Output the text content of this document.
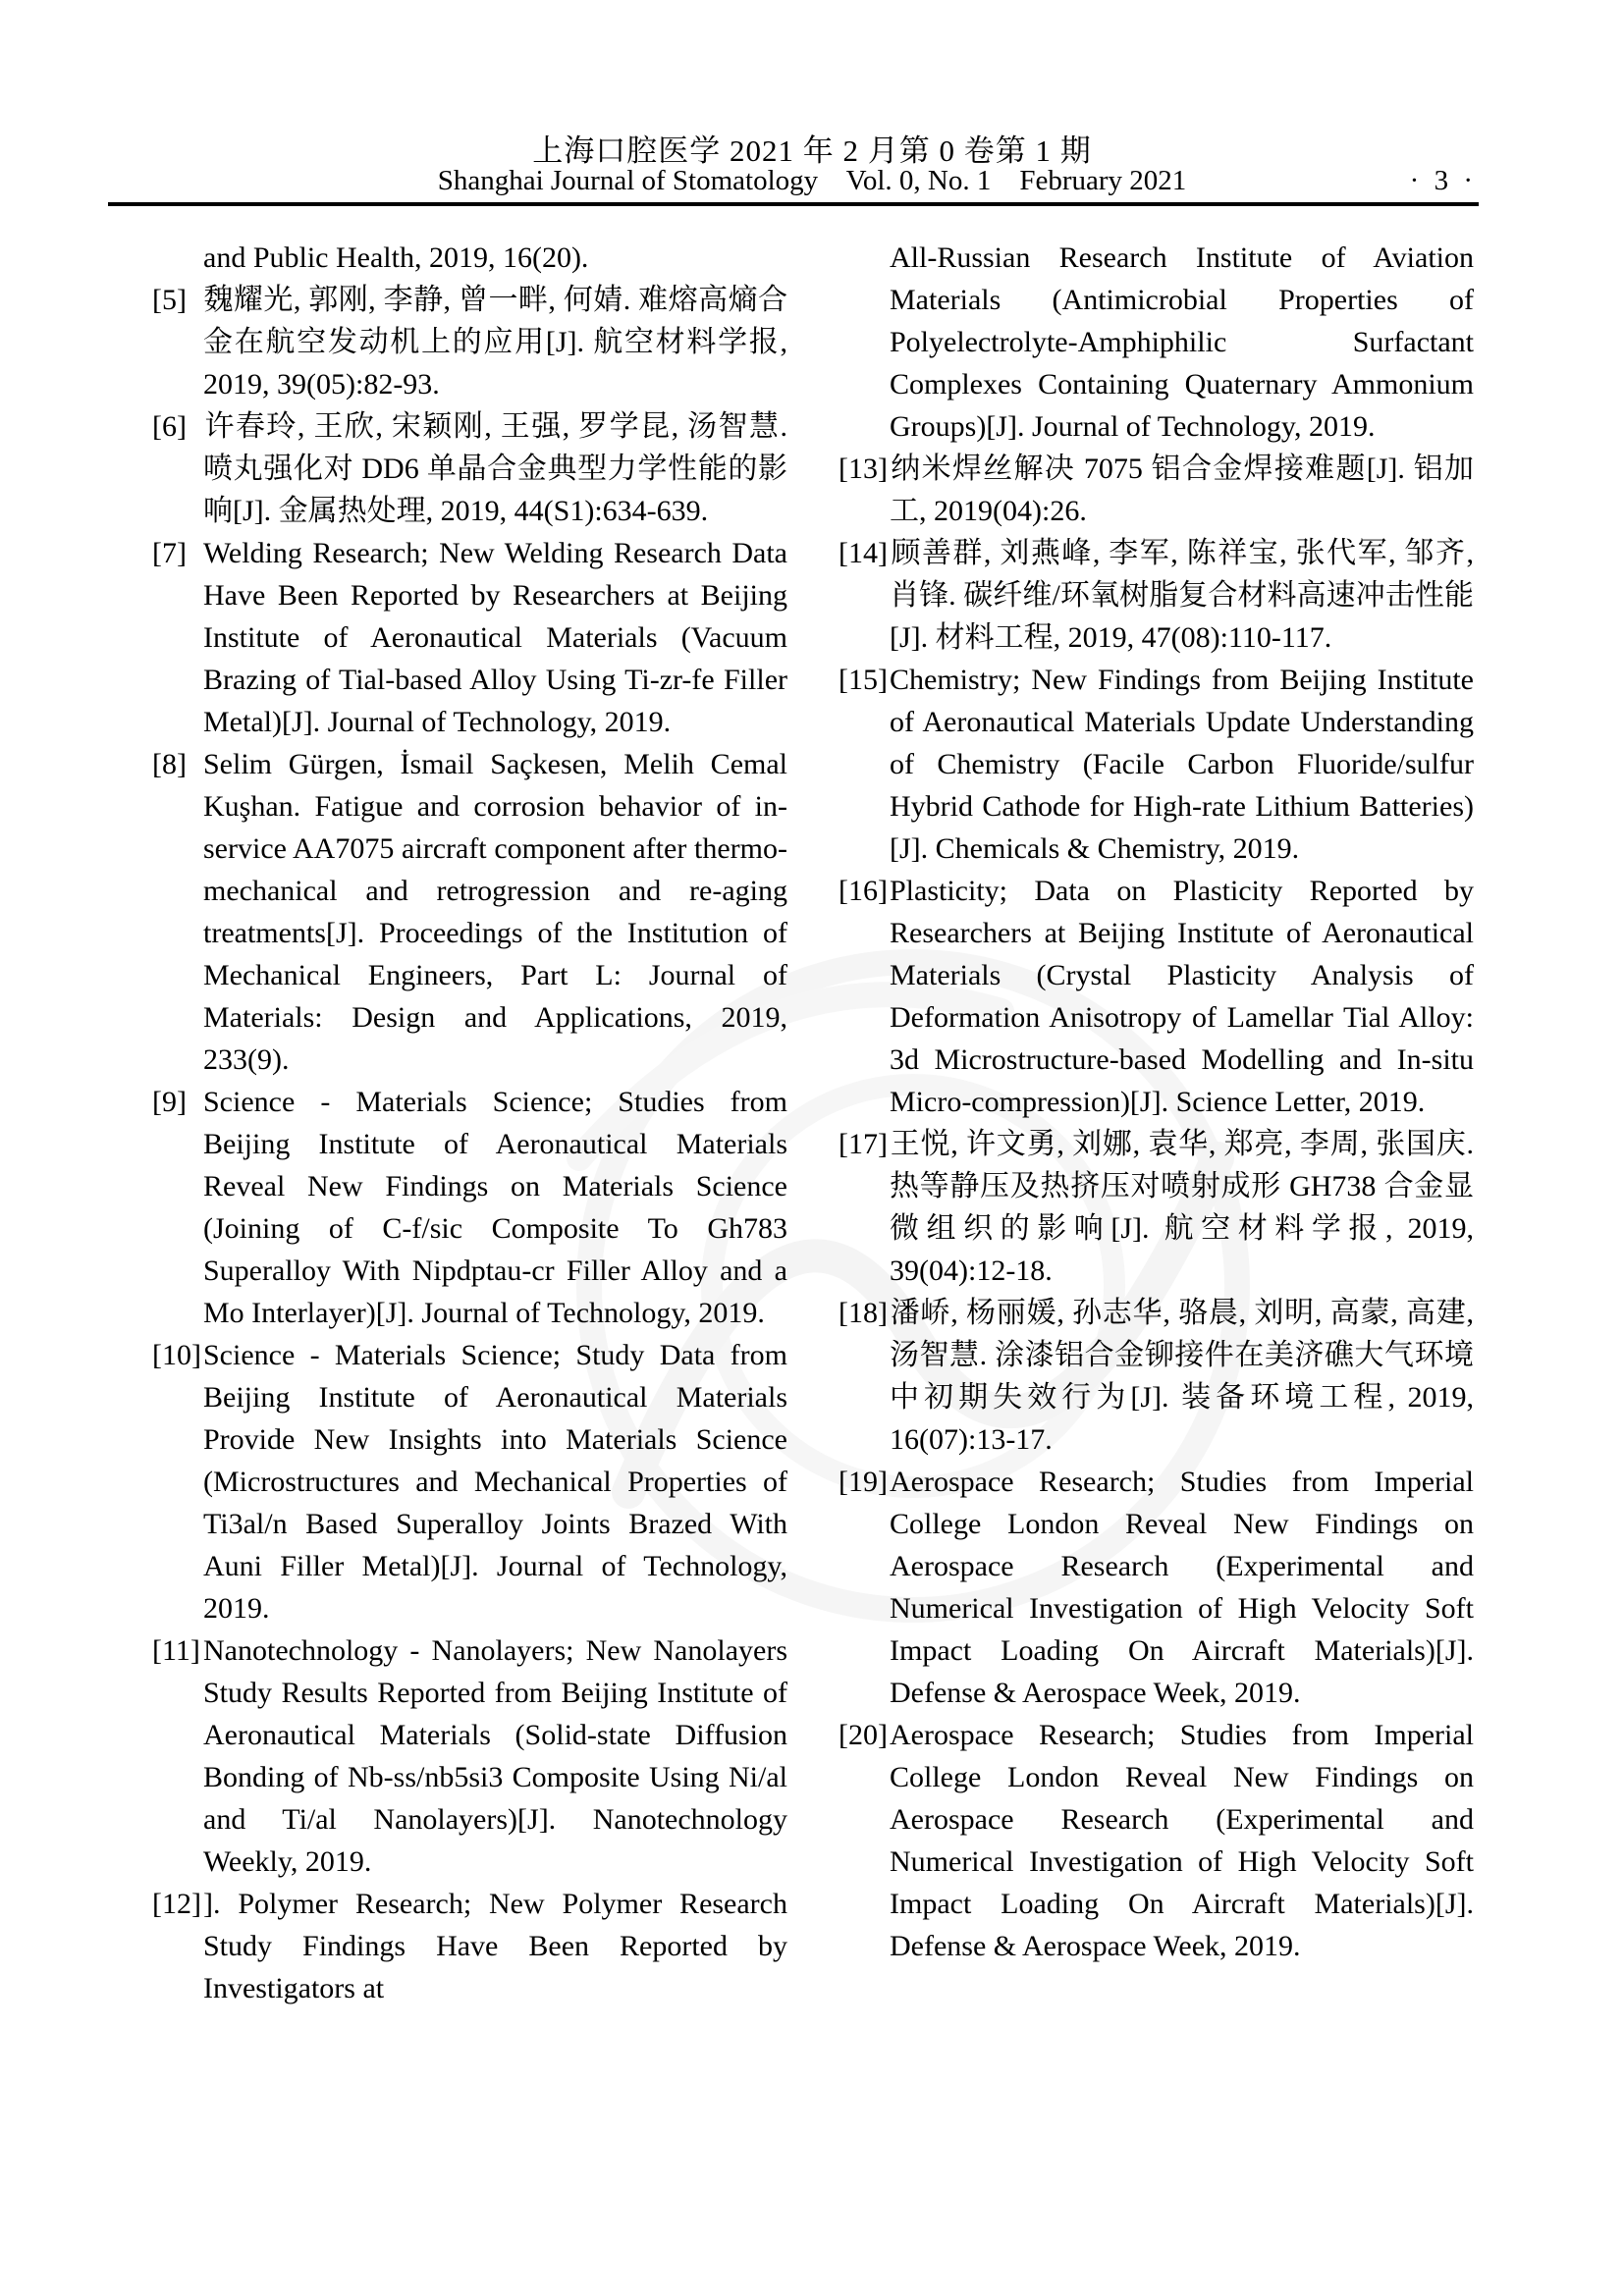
上海口腔医学 2021 年 2 月第 0 卷第 1 期
Shanghai Journal of Stomatology    Vol. 0, No. 1    February 2021	· 3 ·
and Public Health, 2019, 16(20).
[5] 魏耀光, 郭刚, 李静, 曾一畔, 何婧. 难熔高熵合金在航空发动机上的应用[J]. 航空材料学报, 2019, 39(05):82-93.
[6] 许春玲, 王欣, 宋颖刚, 王强, 罗学昆, 汤智慧. 喷丸强化对 DD6 单晶合金典型力学性能的影响[J]. 金属热处理, 2019, 44(S1):634-639.
[7] Welding Research; New Welding Research Data Have Been Reported by Researchers at Beijing Institute of Aeronautical Materials (Vacuum Brazing of Tial-based Alloy Using Ti-zr-fe Filler Metal)[J]. Journal of Technology, 2019.
[8] Selim Gürgen, İsmail Saçkesen, Melih Cemal Kuşhan. Fatigue and corrosion behavior of in-service AA7075 aircraft component after thermo-mechanical and retrogression and re-aging treatments[J]. Proceedings of the Institution of Mechanical Engineers, Part L: Journal of Materials: Design and Applications, 2019, 233(9).
[9] Science - Materials Science; Studies from Beijing Institute of Aeronautical Materials Reveal New Findings on Materials Science (Joining of C-f/sic Composite To Gh783 Superalloy With Nipdptau-cr Filler Alloy and a Mo Interlayer)[J]. Journal of Technology, 2019.
[10]Science - Materials Science; Study Data from Beijing Institute of Aeronautical Materials Provide New Insights into Materials Science (Microstructures and Mechanical Properties of Ti3al/n Based Superalloy Joints Brazed With Auni Filler Metal)[J]. Journal of Technology, 2019.
[11] Nanotechnology - Nanolayers; New Nanolayers Study Results Reported from Beijing Institute of Aeronautical Materials (Solid-state Diffusion Bonding of Nb-ss/nb5si3 Composite Using Ni/al and Ti/al Nanolayers)[J]. Nanotechnology Weekly, 2019.
[12]]. Polymer Research; New Polymer Research Study Findings Have Been Reported by Investigators at
All-Russian Research Institute of Aviation Materials (Antimicrobial Properties of Polyelectrolyte-Amphiphilic Surfactant Complexes Containing Quaternary Ammonium Groups)[J]. Journal of Technology, 2019.
[13]纳米焊丝解决 7075 铝合金焊接难题[J]. 铝加工, 2019(04):26.
[14]顾善群, 刘燕峰, 李军, 陈祥宝, 张代军, 邹齐, 肖锋. 碳纤维/环氧树脂复合材料高速冲击性能[J]. 材料工程, 2019, 47(08):110-117.
[15]Chemistry; New Findings from Beijing Institute of Aeronautical Materials Update Understanding of Chemistry (Facile Carbon Fluoride/sulfur Hybrid Cathode for High-rate Lithium Batteries)[J]. Chemicals & Chemistry, 2019.
[16]Plasticity; Data on Plasticity Reported by Researchers at Beijing Institute of Aeronautical Materials (Crystal Plasticity Analysis of Deformation Anisotropy of Lamellar Tial Alloy: 3d Microstructure-based Modelling and In-situ Micro-compression)[J]. Science Letter, 2019.
[17]王悦, 许文勇, 刘娜, 袁华, 郑亮, 李周, 张国庆. 热等静压及热挤压对喷射成形 GH738 合金显微组织的影响[J]. 航空材料学报, 2019, 39(04):12-18.
[18]潘峤, 杨丽媛, 孙志华, 骆晨, 刘明, 高蒙, 高建, 汤智慧. 涂漆铝合金铆接件在美济礁大气环境中初期失效行为[J]. 装备环境工程, 2019, 16(07):13-17.
[19]Aerospace Research; Studies from Imperial College London Reveal New Findings on Aerospace Research (Experimental and Numerical Investigation of High Velocity Soft Impact Loading On Aircraft Materials)[J]. Defense & Aerospace Week, 2019.
[20]Aerospace Research; Studies from Imperial College London Reveal New Findings on Aerospace Research (Experimental and Numerical Investigation of High Velocity Soft Impact Loading On Aircraft Materials)[J]. Defense & Aerospace Week, 2019.
